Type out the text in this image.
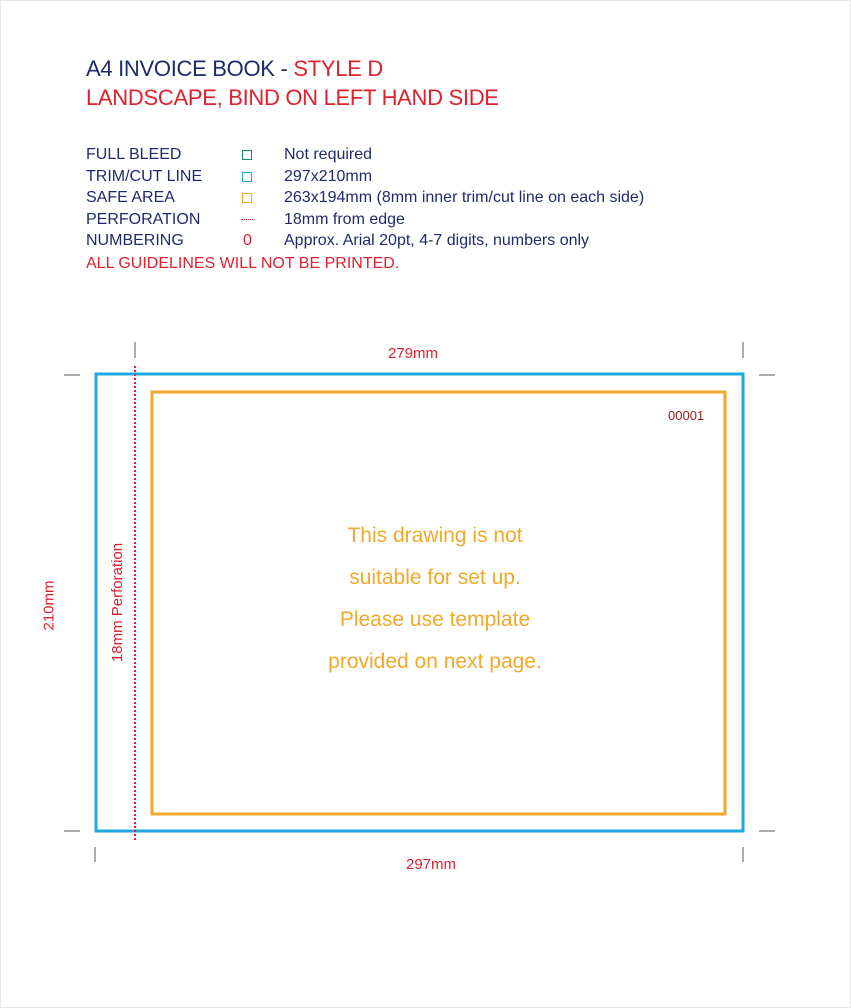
A4 INVOICE BOOK - STYLE D
LANDSCAPE, BIND ON LEFT HAND SIDE
FULL BLEED	Not required
TRIM/CUT LINE	297x210mm
SAFE AREA	263x194mm (8mm inner trim/cut line on each side)
PERFORATION	18mm from edge
NUMBERING	0	Approx. Arial 20pt, 4-7 digits, numbers only
ALL GUIDELINES WILL NOT BE PRINTED.
279mm
297mm
210mm	18mm Perforation
00001
This drawing is not
suitable for set up.
Please use template
provided on next page.
